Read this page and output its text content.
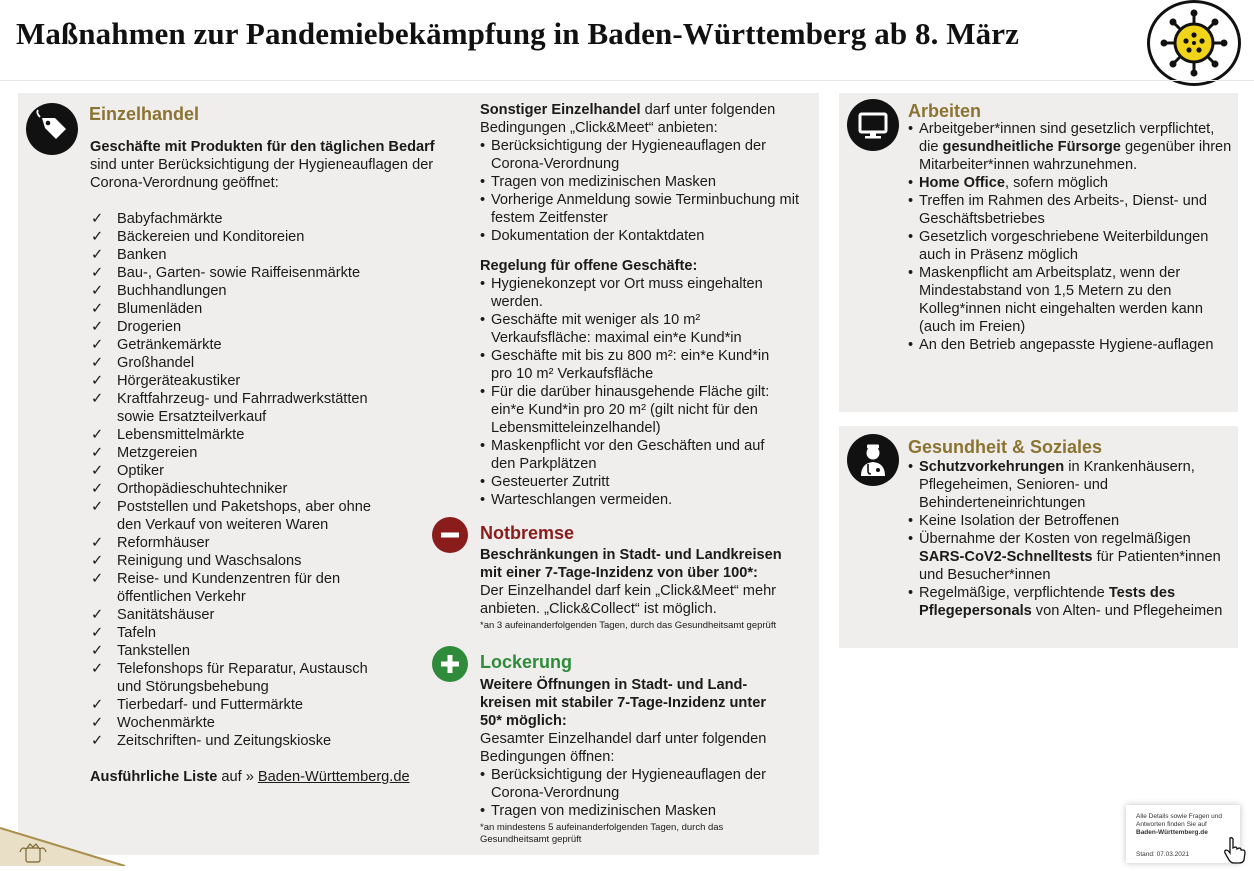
Maßnahmen zur Pandemiebekämpfung in Baden-Württemberg ab 8. März
Einzelhandel

Geschäfte mit Produkten für den täglichen Bedarf

sind unter Berücksichtigung der Hygieneauflagen der Corona-Verordnung geöffnet:

✓ Babyfachmärkte
✓ Bäckereien und Konditoreien
✓ Banken
✓ Bau-, Garten- sowie Raiffeisenmärkte
✓ Buchhandlungen
✓ Blumenläden
✓ Drogerien
✓ Getränkemärkte
✓ Großhandel
✓ Hörgeräteakustiker
✓ Kraftfahrzeug- und Fahrradwerkstätten sowie Ersatzteilverkauf
✓ Lebensmittelmärkte
✓ Metzgereien
✓ Optiker
✓ Orthopädieschuhtechniker
✓ Poststellen und Paketshops, aber ohne den Verkauf von weiteren Waren
✓ Reformhäuser
✓ Reinigung und Waschsalons
✓ Reise- und Kundenzentren für den öffentlichen Verkehr
✓ Sanitätshäuser
✓ Tafeln
✓ Tankstellen
✓ Telefonshops für Reparatur, Austausch und Störungsbehebung
✓ Tierbedarf- und Futtermärkte
✓ Wochenmärkte
✓ Zeitschriften- und Zeitungskioske
Ausführliche Liste auf » Baden-Württemberg.de
Sonstiger Einzelhandel darf unter folgenden Bedingungen „Click&Meet“ anbieten:
• Berücksichtigung der Hygieneauflagen der Corona-Verordnung
• Tragen von medizinischen Masken
• Vorherige Anmeldung sowie Terminbuchung mit festem Zeitfenster
• Dokumentation der Kontaktdaten
Regelung für offene Geschäfte:
• Hygienekonzept vor Ort muss eingehalten werden.
• Geschäfte mit weniger als 10 m² Verkaufsfläche: maximal ein*e Kund*in
• Geschäfte mit bis zu 800 m²: ein*e Kund*in pro 10 m² Verkaufsfläche
• Für die darüber hinausgehende Fläche gilt: ein*e Kund*in pro 20 m² (gilt nicht für den Lebensmitteleinzelhandel)
• Maskenpflicht vor den Geschäften und auf den Parkplätzen
• Gesteuerter Zutritt
• Warteschlangen vermeiden.
Notbremse

Beschränkungen in Stadt- und Landkreisen mit einer 7-Tage-Inzidenz von über 100*:

Der Einzelhandel darf kein „Click&Meet“ mehr anbieten. „Click&Collect“ ist möglich.

*an 3 aufeinanderfolgenden Tagen, durch das Gesundheitsamt geprüft

Lockerung

Weitere Öffnungen in Stadt- und Land-kreisen mit stabiler 7-Tage-Inzidenz unter 50* möglich:

Gesamter Einzelhandel darf unter folgenden Bedingungen öffnen:

• Berücksichtigung der Hygieneauflagen der Corona-Verordnung
• Tragen von medizinischen Masken
*an mindestens 5 aufeinanderfolgenden Tagen, durch das Gesundheitsamt geprüft
Arbeiten
• Arbeitgeber*innen sind gesetzlich verpflichtet, die gesundheitliche Fürsorge gegenüber ihren Mitarbeiter*innen wahrzunehmen.
• Home Office, sofern möglich
• Treffen im Rahmen des Arbeits-, Dienst- und Geschäftsbetriebes
• Gesetzlich vorgeschriebene Weiterbildungen auch in Präsenz möglich
• Maskenpflicht am Arbeitsplatz, wenn der Mindestabstand von 1,5 Metern zu den Kolleg*innen nicht eingehalten werden kann (auch im Freien)
• An den Betrieb angepasste Hygiene-auflagen
Gesundheit & Soziales
• Schutzvorkehrungen in Krankenhäusern, Pflegeheimen, Senioren- und Behinderteneinrichtungen
• Keine Isolation der Betroffenen
• Übernahme der Kosten von regelmäßigen SARS-CoV2-Schnelltests für Patienten*innen und Besucher*innen
• Regelmäßige, verpflichtende Tests des Pflegepersonals von Alten- und Pflegeheimen
Alle Details sowie Fragen und Antworten finden Sie auf
Baden-Württemberg.de
Stand: 07.03.2021
